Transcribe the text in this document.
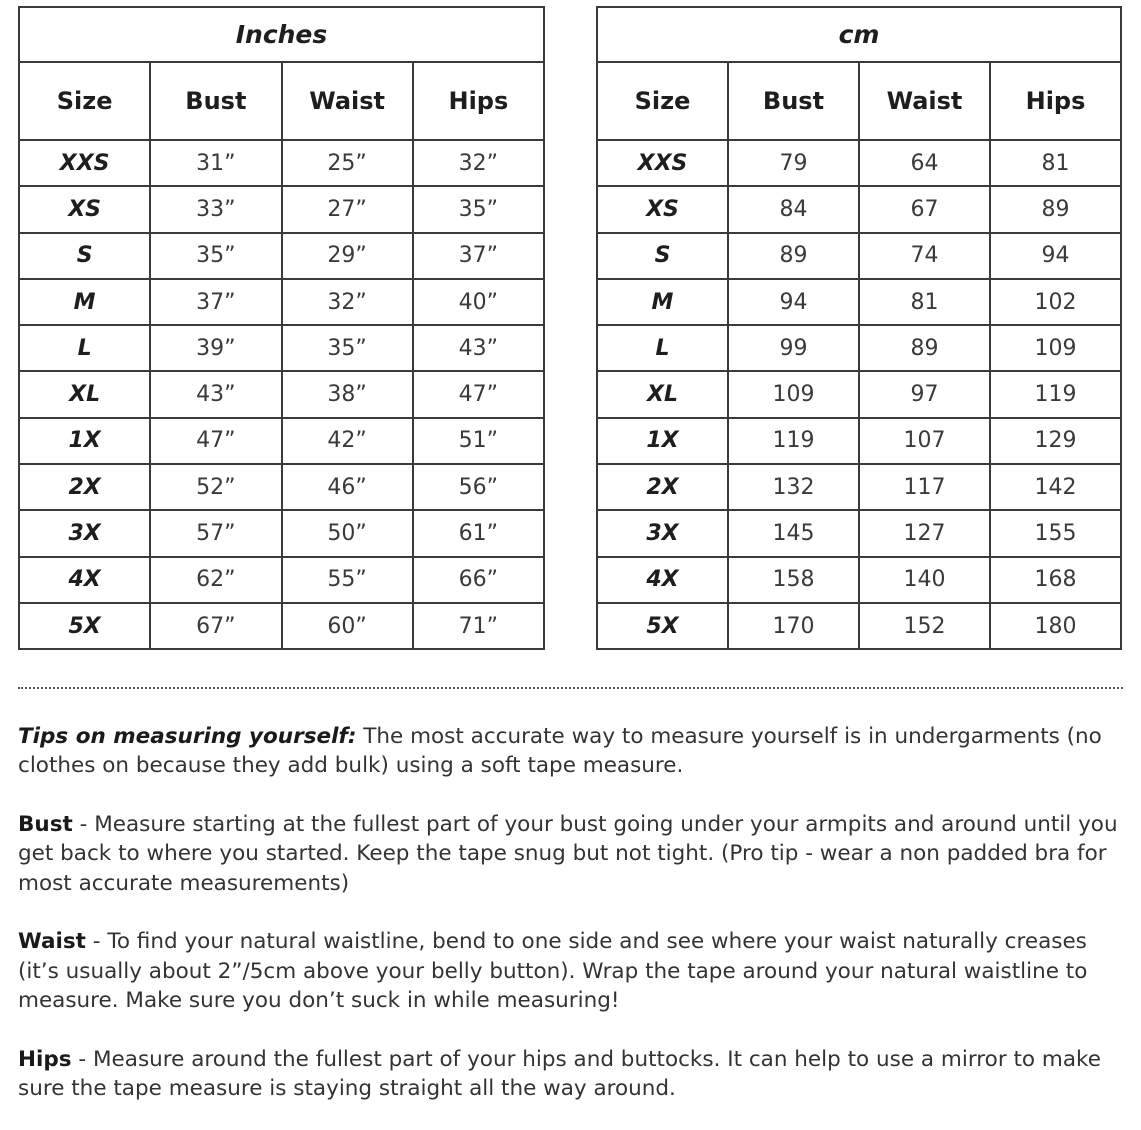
Inches			
Size	Bust	Waist	Hips
XXS	31”	25”	32”
XS	33”	27”	35”
S	35”	29”	37”
M	37”	32”	40”
L	39”	35”	43”
XL	43”	38”	47”
1X	47”	42”	51”
2X	52”	46”	56”
3X	57”	50”	61”
4X	62”	55”	66”
5X	67”	60”	71”
cm			
Size	Bust	Waist	Hips
XXS	79	64	81
XS	84	67	89
S	89	74	94
M	94	81	102
L	99	89	109
XL	109	97	119
1X	119	107	129
2X	132	117	142
3X	145	127	155
4X	158	140	168
5X	170	152	180

Tips on measuring yourself: The most accurate way to measure yourself is in undergarments (no clothes on because they add bulk) using a soft tape measure.

Bust - Measure starting at the fullest part of your bust going under your armpits and around until you get back to where you started. Keep the tape snug but not tight. (Pro tip - wear a non padded bra for most accurate measurements)

Waist - To find your natural waistline, bend to one side and see where your waist naturally creases (it’s usually about 2”/5cm above your belly button). Wrap the tape around your natural waistline to measure. Make sure you don’t suck in while measuring!

Hips - Measure around the fullest part of your hips and buttocks. It can help to use a mirror to make sure the tape measure is staying straight all the way around.
